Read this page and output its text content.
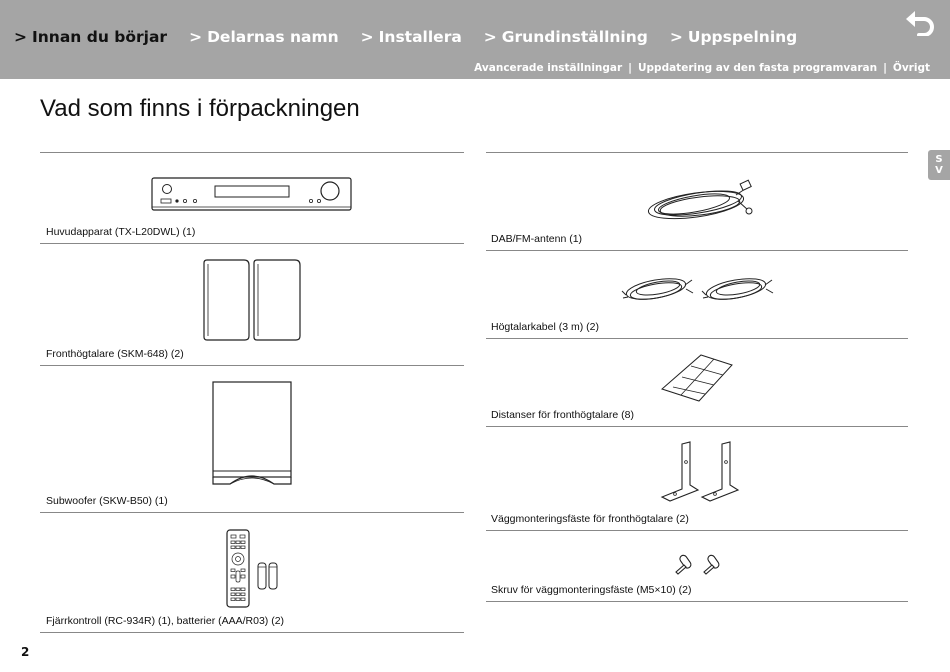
> Innan du börjar > Delarnas namn > Installera > Grundinställning > Uppspelning
Avancerade inställningar | Uppdatering av den fasta programvaran | Övrigt
S
V
Vad som finns i förpackningen
Huvudapparat (TX-L20DWL) (1)
Fronthögtalare (SKM-648) (2)
Subwoofer (SKW-B50) (1)
Fjärrkontroll (RC-934R) (1), batterier (AAA/R03) (2)
DAB/FM-antenn (1)
Högtalarkabel (3 m) (2)
Distanser för fronthögtalare (8)
Väggmonteringsfäste för fronthögtalare (2)
Skruv för väggmonteringsfäste (M5×10) (2)
2
